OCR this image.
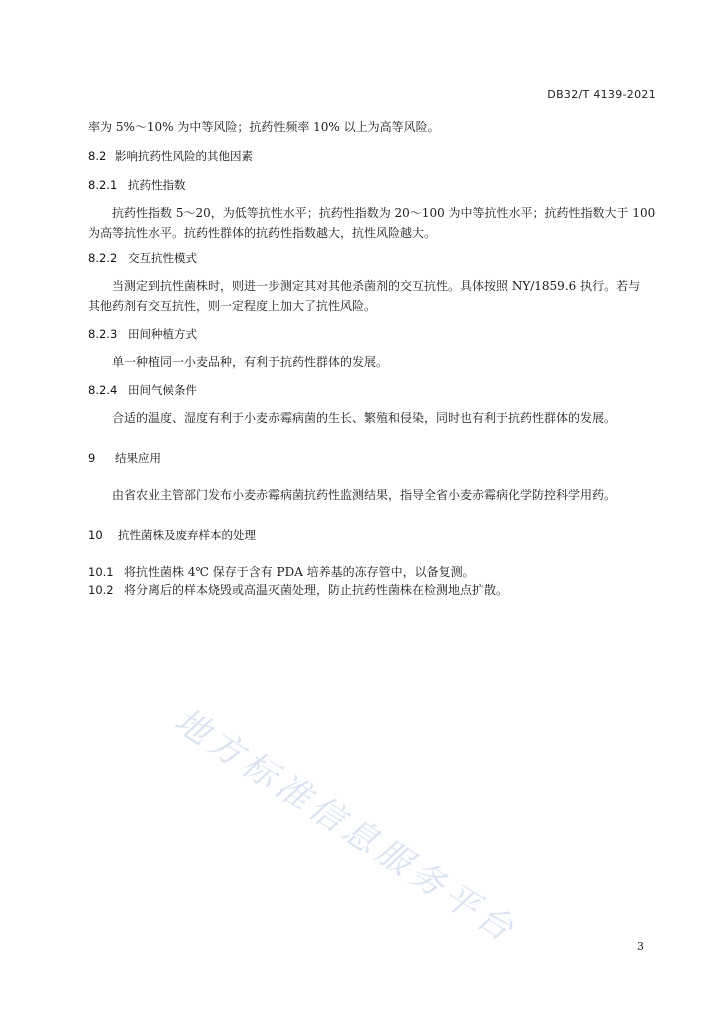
DB32/T 4139-2021
率为 5%～10% 为中等风险；抗药性频率 10% 以上为高等风险。
8.2 影响抗药性风险的其他因素
8.2.1 抗药性指数
抗药性指数 5～20，为低等抗性水平；抗药性指数为 20～100 为中等抗性水平；抗药性指数大于 100
为高等抗性水平。抗药性群体的抗药性指数越大，抗性风险越大。
8.2.2 交互抗性模式
当测定到抗性菌株时，则进一步测定其对其他杀菌剂的交互抗性。具体按照 NY/1859.6 执行。若与
其他药剂有交互抗性，则一定程度上加大了抗性风险。
8.2.3 田间种植方式
单一种植同一小麦品种，有利于抗药性群体的发展。
8.2.4 田间气候条件
合适的温度、湿度有利于小麦赤霉病菌的生长、繁殖和侵染，同时也有利于抗药性群体的发展。
9 结果应用
由省农业主管部门发布小麦赤霉病菌抗药性监测结果，指导全省小麦赤霉病化学防控科学用药。
10 抗性菌株及废弃样本的处理
10.1 将抗性菌株 4℃ 保存于含有 PDA 培养基的冻存管中，以备复测。
10.2 将分离后的样本烧毁或高温灭菌处理，防止抗药性菌株在检测地点扩散。
地方标准信息服务平台	3
